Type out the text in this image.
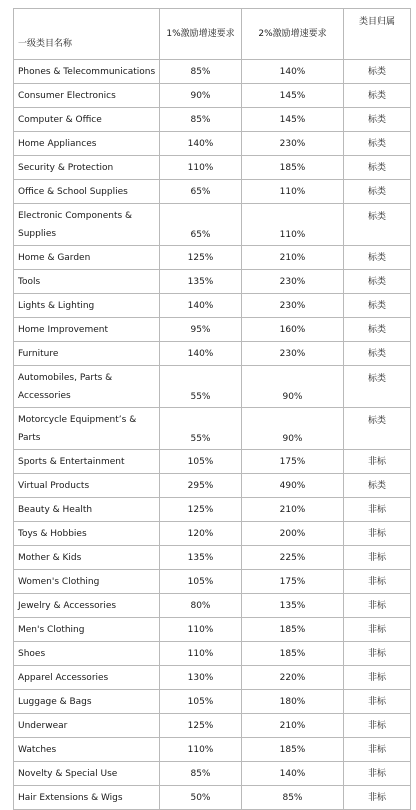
一级类目名称	1%激励增速要求	2%激励增速要求	类目归属
Phones & Telecommunications	85%	140%	标类
Consumer Electronics	90%	145%	标类
Computer & Office	85%	145%	标类
Home Appliances	140%	230%	标类
Security & Protection	110%	185%	标类
Office & School Supplies	65%	110%	标类
Electronic Components & Supplies	65%	110%	标类
Home & Garden	125%	210%	标类
Tools	135%	230%	标类
Lights & Lighting	140%	230%	标类
Home Improvement	95%	160%	标类
Furniture	140%	230%	标类
Automobiles, Parts & Accessories	55%	90%	标类
Motorcycle Equipment’s & Parts	55%	90%	标类
Sports & Entertainment	105%	175%	非标
Virtual Products	295%	490%	标类
Beauty & Health	125%	210%	非标
Toys & Hobbies	120%	200%	非标
Mother & Kids	135%	225%	非标
Women's Clothing	105%	175%	非标
Jewelry & Accessories	80%	135%	非标
Men's Clothing	110%	185%	非标
Shoes	110%	185%	非标
Apparel Accessories	130%	220%	非标
Luggage & Bags	105%	180%	非标
Underwear	125%	210%	非标
Watches	110%	185%	非标
Novelty & Special Use	85%	140%	非标
Hair Extensions & Wigs	50%	85%	非标
